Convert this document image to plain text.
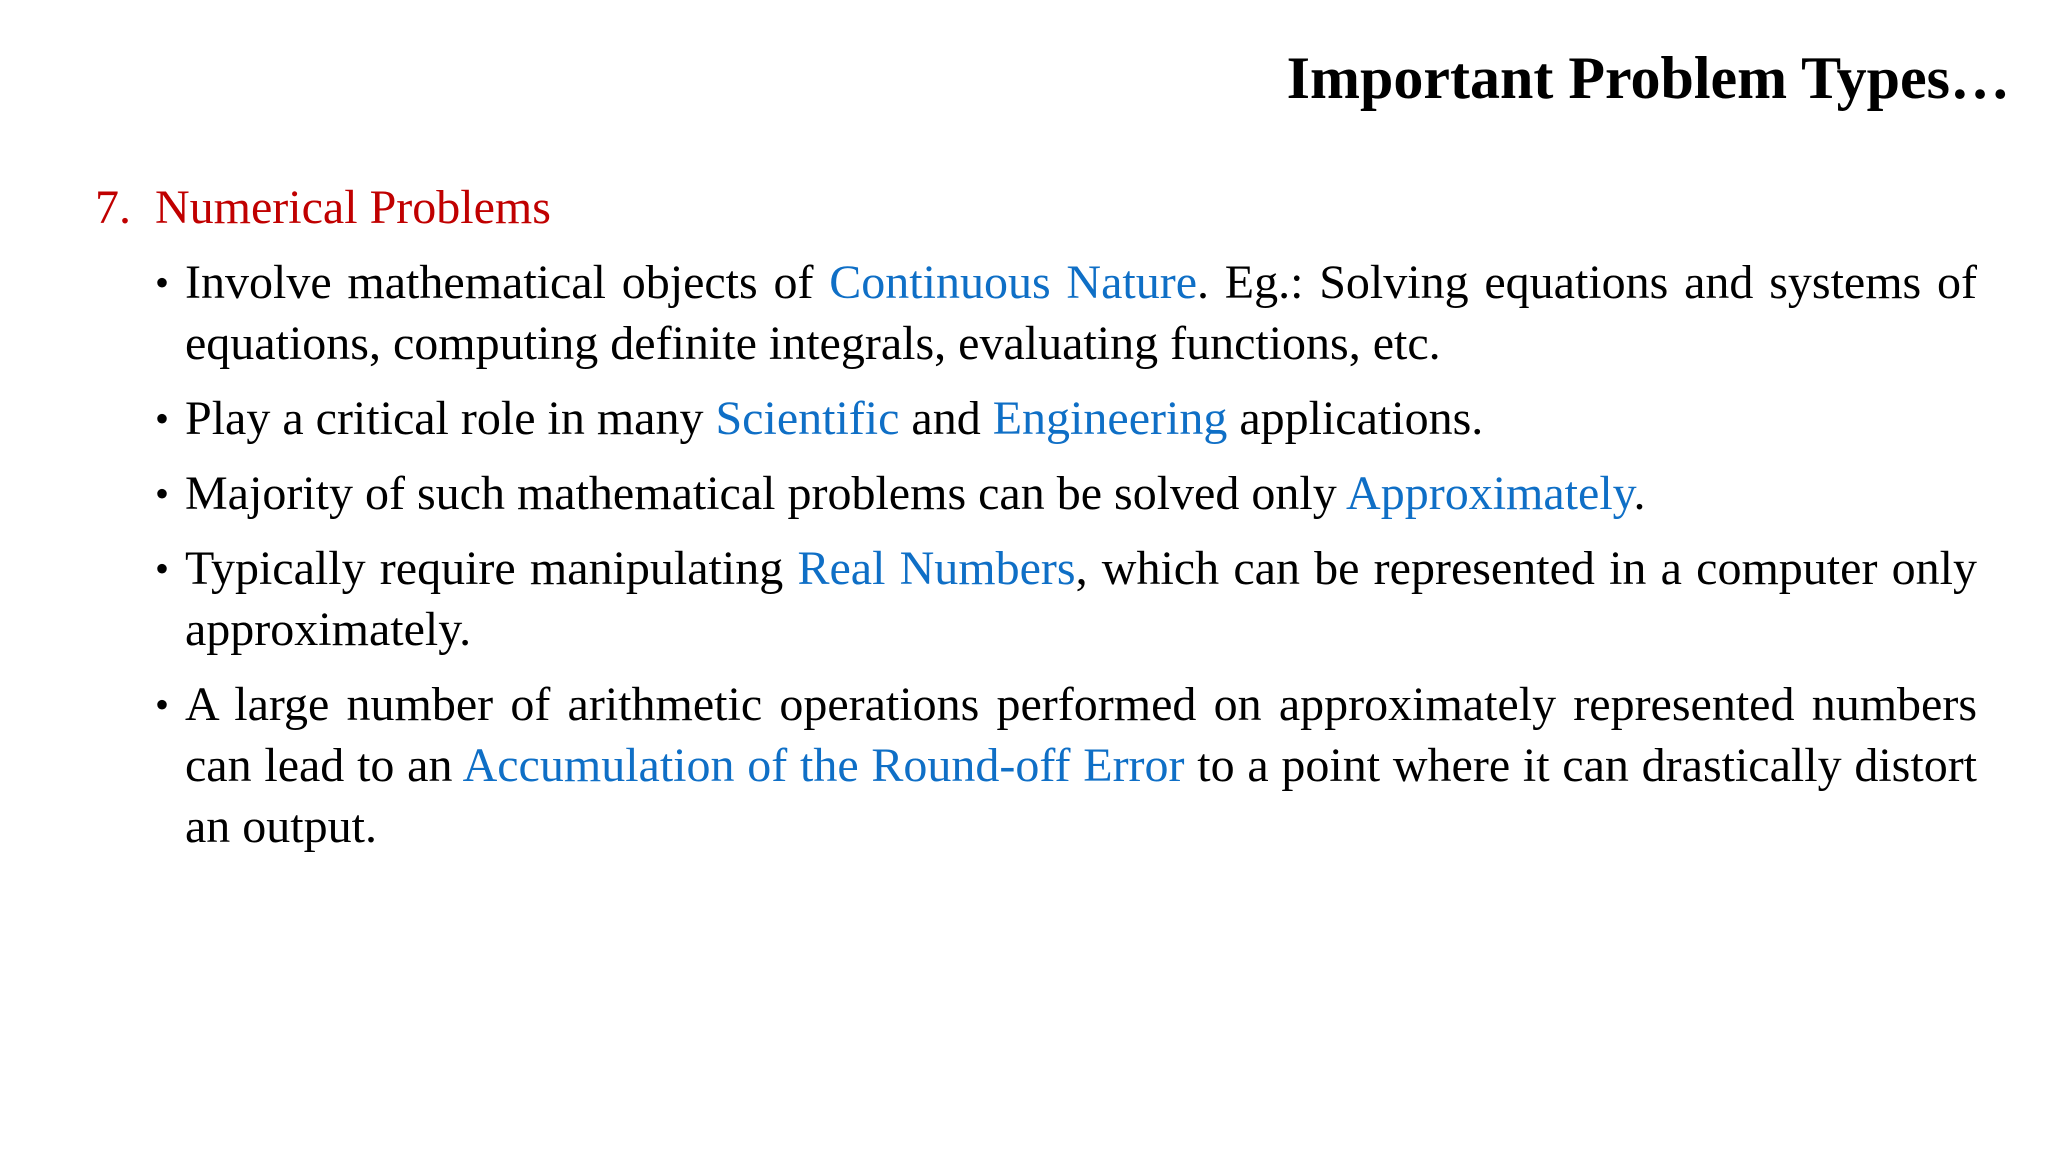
Important Problem Types…
7. Numerical Problems
• Involve mathematical objects of Continuous Nature. Eg.: Solving equations and systems of equations, computing definite integrals, evaluating functions, etc.
• Play a critical role in many Scientific and Engineering applications.
• Majority of such mathematical problems can be solved only Approximately.
• Typically require manipulating Real Numbers, which can be represented in a computer only approximately.
• A large number of arithmetic operations performed on approximately represented numbers can lead to an Accumulation of the Round-off Error to a point where it can drastically distort an output.
